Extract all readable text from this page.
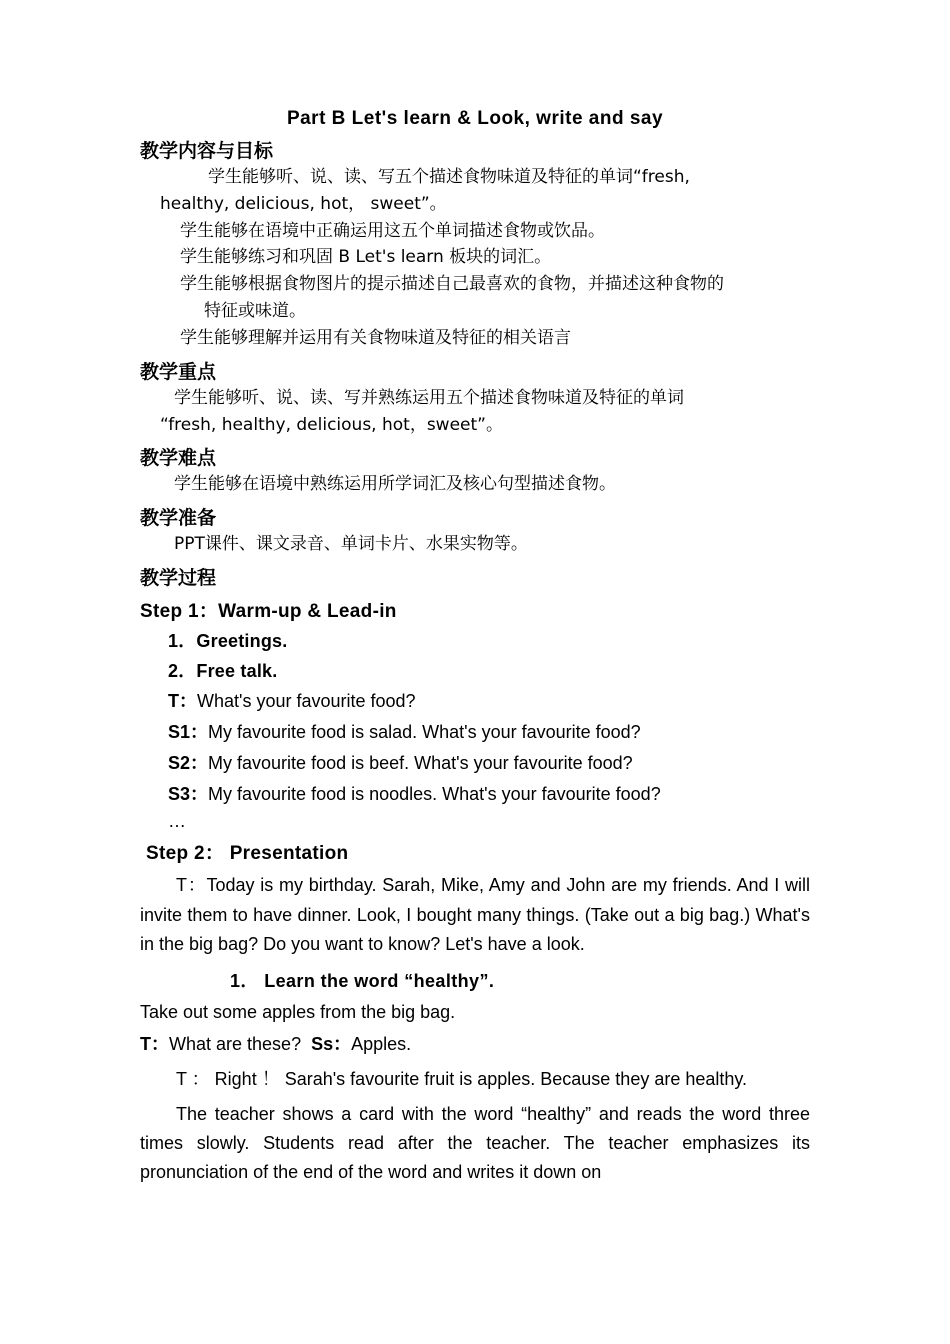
Part B Let's learn & Look, write and say
教学内容与目标
学生能够听、说、读、写五个描述食物味道及特征的单词“fresh,
healthy, delicious, hot， sweet”。
学生能够在语境中正确运用这五个单词描述食物或饮品。
学生能够练习和巩固 B Let's learn 板块的词汇。
学生能够根据食物图片的提示描述自己最喜欢的食物，并描述这种食物的
特征或味道。
学生能够理解并运用有关食物味道及特征的相关语言
教学重点
学生能够听、说、读、写并熟练运用五个描述食物味道及特征的单词
“fresh, healthy, delicious, hot，sweet”。
教学难点
学生能够在语境中熟练运用所学词汇及核心句型描述食物。
教学准备
PPT课件、课文录音、单词卡片、水果实物等。
教学过程
Step 1：Warm-up & Lead-in
1．Greetings.
2．Free talk.
T：What's your favourite food?
S1：My favourite food is salad. What's your favourite food?
S2：My favourite food is beef. What's your favourite food?
S3：My favourite food is noodles. What's your favourite food?
…
Step 2： Presentation
T：Today is my birthday. Sarah, Mike, Amy and John are my friends. And I will invite them to have dinner. Look, I bought many things. (Take out a big bag.) What's in the big bag? Do you want to know? Let's have a look.
1． Learn the word “healthy”.
Take out some apples from the big bag.
T：What are these? Ss：Apples.
T ： Right ！ Sarah's favourite fruit is apples. Because they are healthy.
The teacher shows a card with the word “healthy” and reads the word three times slowly. Students read after the teacher. The teacher emphasizes its pronunciation of the end of the word and writes it down on
